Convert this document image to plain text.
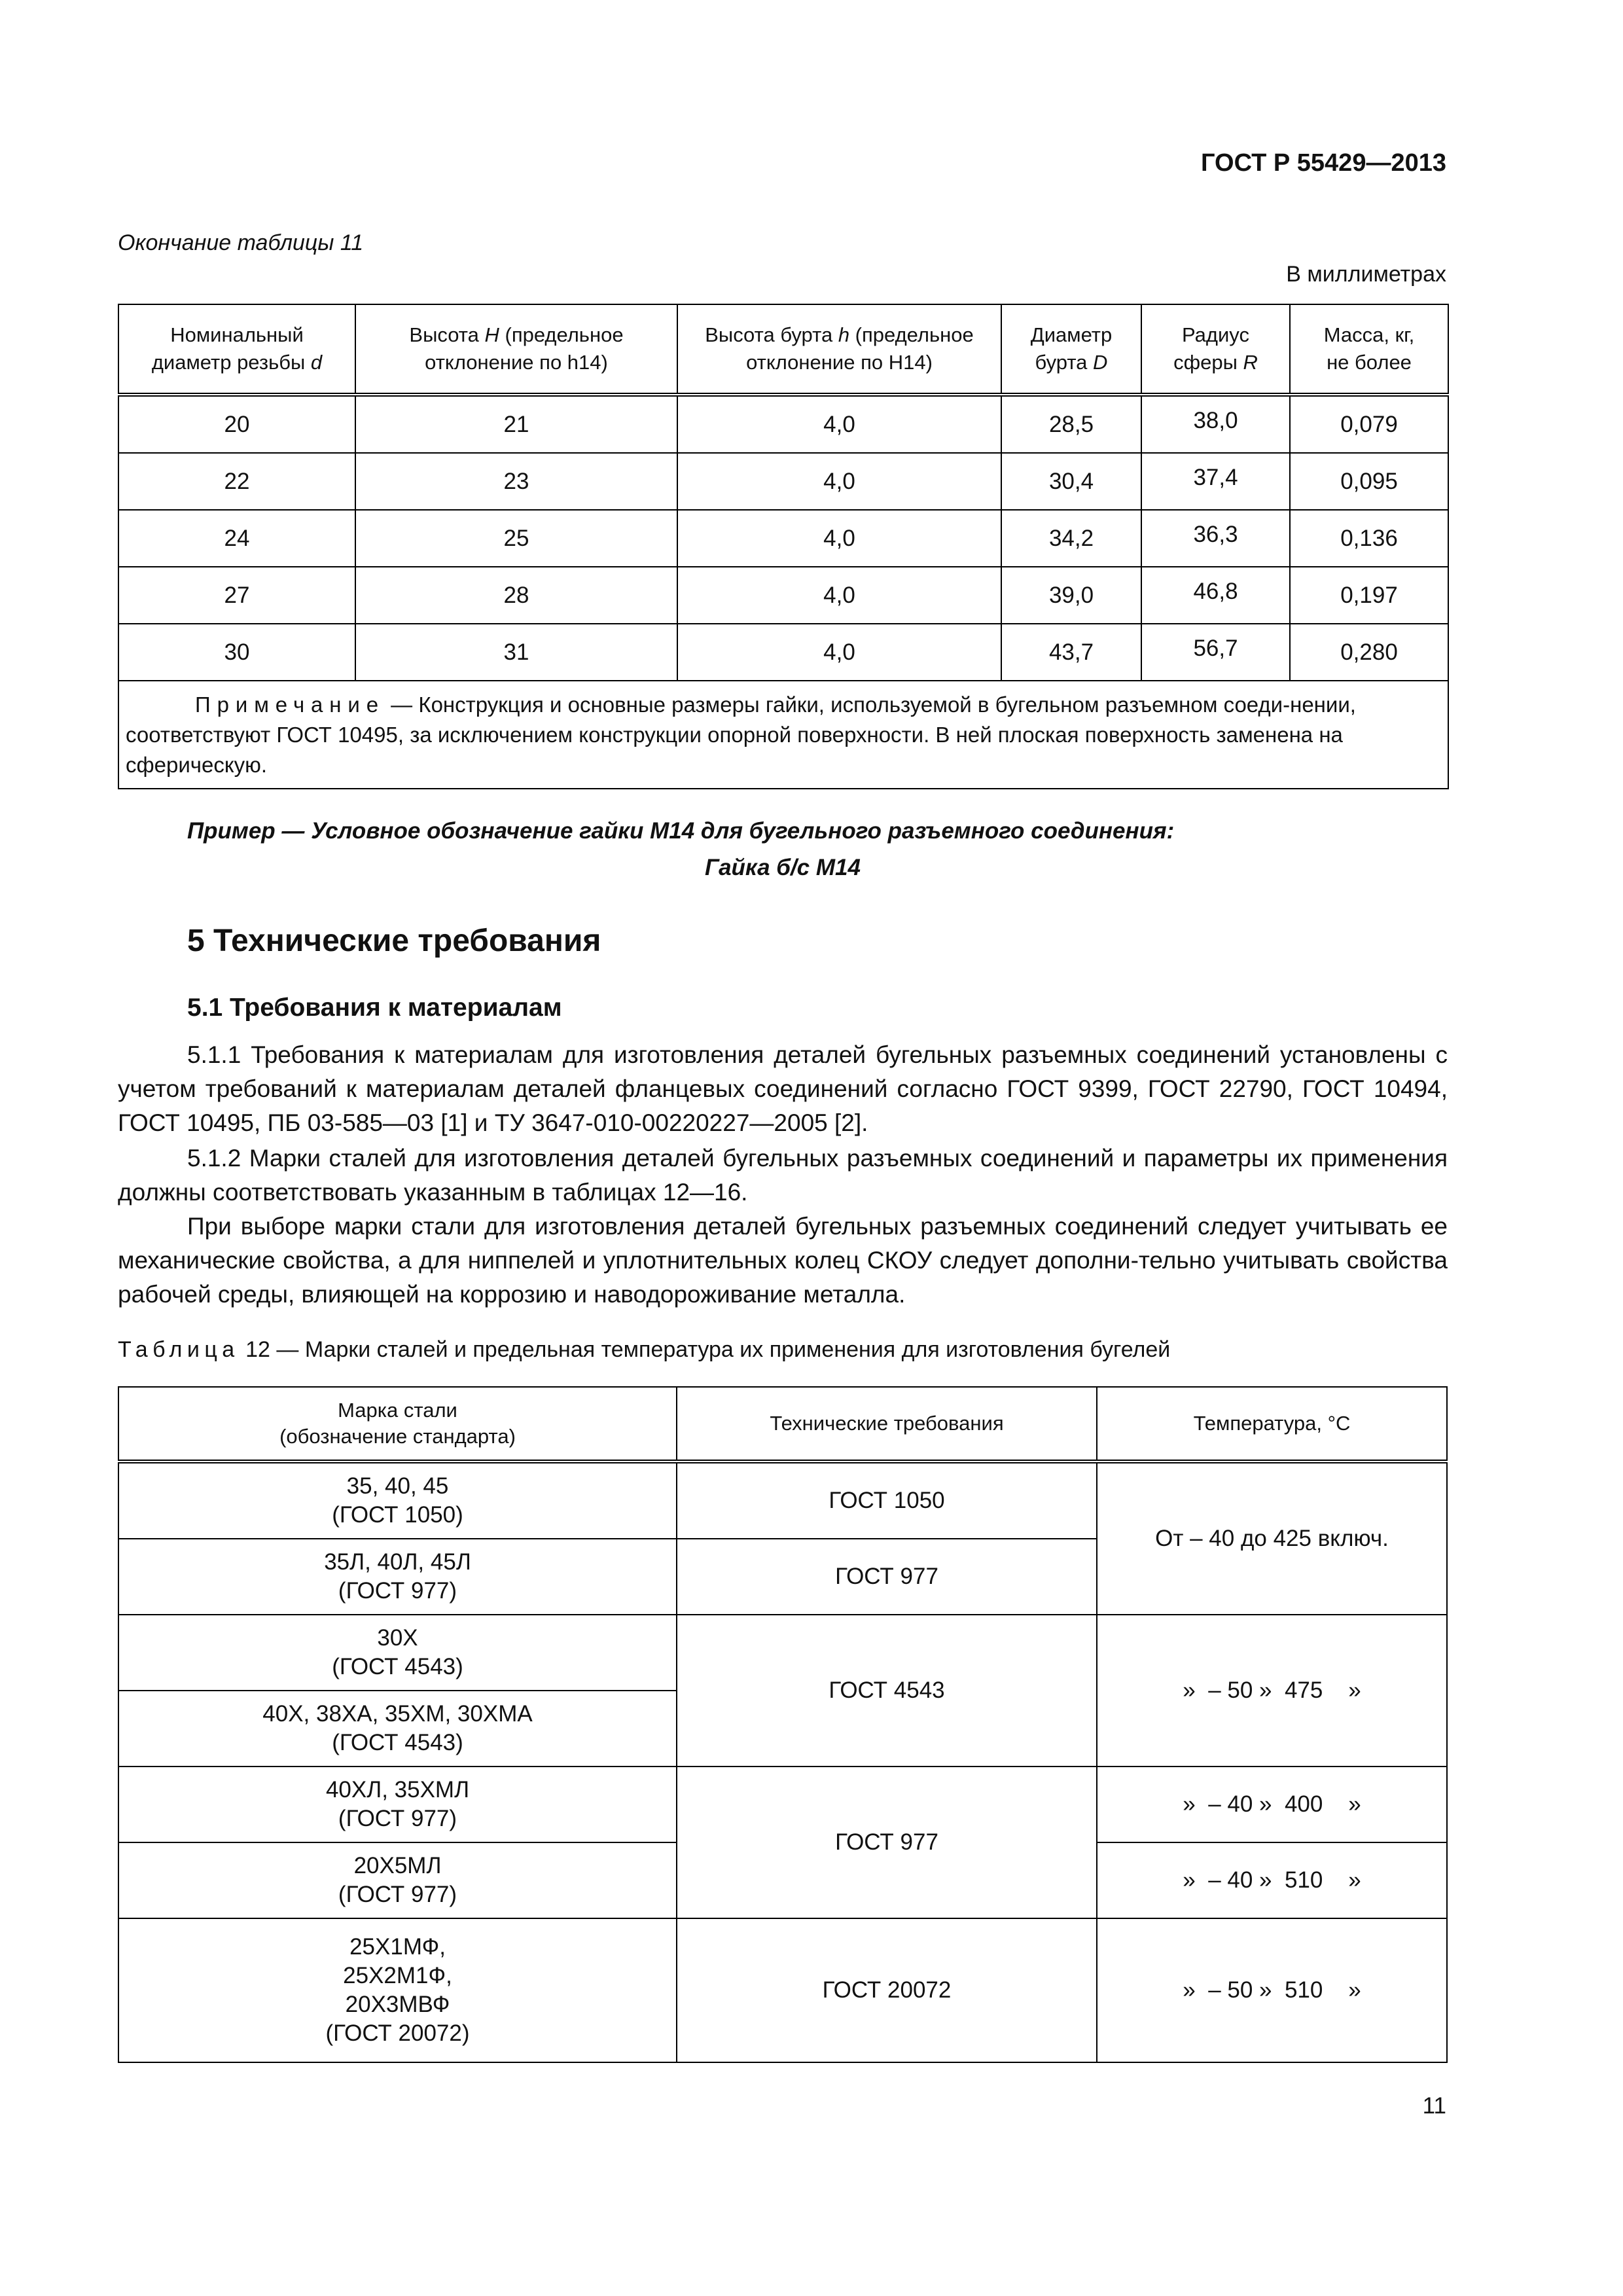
ГОСТ Р 55429—2013
Окончание таблицы 11
В миллиметрах
Номинальный
диаметр резьбы d	Высота H (предельное
отклонение по h14)	Высота бурта h (предельное
отклонение по H14)	Диаметр
бурта D	Радиус
сферы R	Масса, кг,
не более
20	21	4,0	28,5	38,0	0,079
22	23	4,0	30,4	37,4	0,095
24	25	4,0	34,2	36,3	0,136
27	28	4,0	39,0	46,8	0,197
30	31	4,0	43,7	56,7	0,280
Примечание — Конструкция и основные размеры гайки, используемой в бугельном разъемном соеди-нении, соответствуют ГОСТ 10495, за исключением конструкции опорной поверхности. В ней плоская поверхность заменена на сферическую.					
Пример — Условное обозначение гайки М14 для бугельного разъемного соединения:
Гайка б/с М14
5 Технические требования
5.1 Требования к материалам
5.1.1 Требования к материалам для изготовления деталей бугельных разъемных соединений установлены с учетом требований к материалам деталей фланцевых соединений согласно ГОСТ 9399, ГОСТ 22790, ГОСТ 10494, ГОСТ 10495, ПБ 03-585—03 [1] и ТУ 3647-010-00220227—2005 [2].
5.1.2 Марки сталей для изготовления деталей бугельных разъемных соединений и параметры их применения должны соответствовать указанным в таблицах 12—16.
При выборе марки стали для изготовления деталей бугельных разъемных соединений следует учитывать ее механические свойства, а для ниппелей и уплотнительных колец СКОУ следует дополни-тельно учитывать свойства рабочей среды, влияющей на коррозию и наводороживание металла.
Таблица 12 — Марки сталей и предельная температура их применения для изготовления бугелей
Марка стали
(обозначение стандарта)	Технические требования	Температура, °С
35, 40, 45
(ГОСТ 1050)	ГОСТ 1050	От – 40 до 425 включ.
35Л, 40Л, 45Л
(ГОСТ 977)	ГОСТ 977	
30Х
(ГОСТ 4543)	ГОСТ 4543	»  – 50 »  475    »
40Х, 38ХА, 35ХМ, 30ХМА
(ГОСТ 4543)		
40ХЛ, 35ХМЛ
(ГОСТ 977)	ГОСТ 977	»  – 40 »  400    »
20Х5МЛ
(ГОСТ 977)		»  – 40 »  510    »
25Х1МФ,
25Х2М1Ф,
20Х3МВФ
(ГОСТ 20072)	ГОСТ 20072	»  – 50 »  510    »
11
